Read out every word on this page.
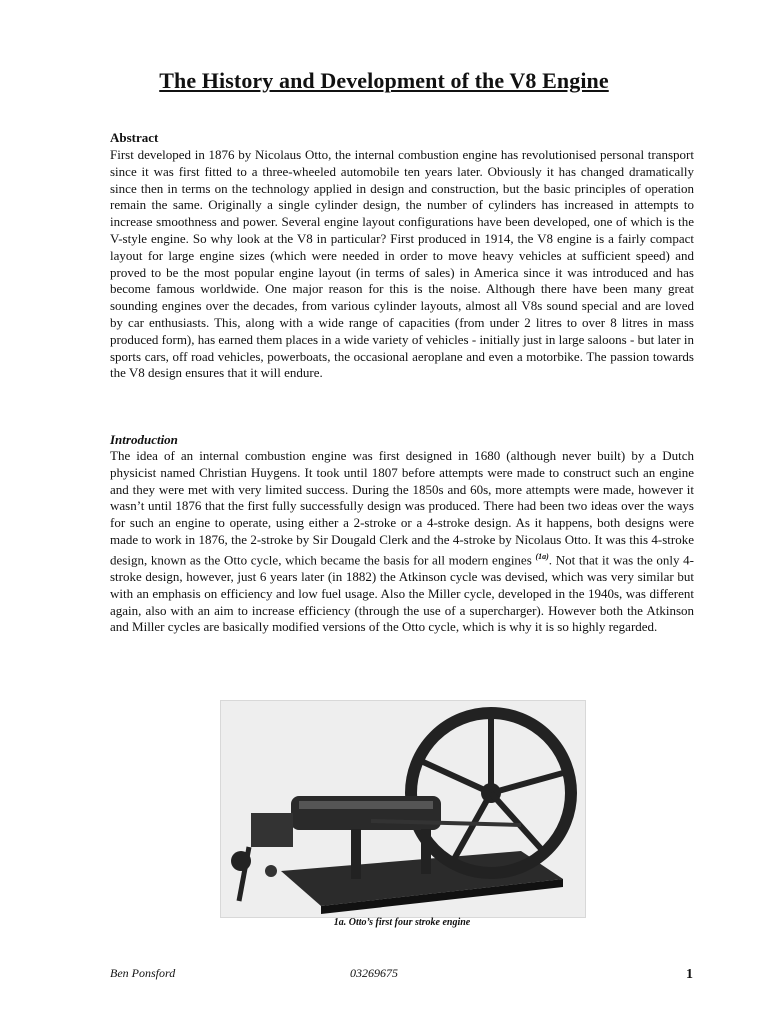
The History and Development of the V8 Engine
Abstract
First developed in 1876 by Nicolaus Otto, the internal combustion engine has revolutionised personal transport since it was first fitted to a three-wheeled automobile ten years later. Obviously it has changed dramatically since then in terms on the technology applied in design and construction, but the basic principles of operation remain the same. Originally a single cylinder design, the number of cylinders has increased in attempts to increase smoothness and power. Several engine layout configurations have been developed, one of which is the V-style engine. So why look at the V8 in particular? First produced in 1914, the V8 engine is a fairly compact layout for large engine sizes (which were needed in order to move heavy vehicles at sufficient speed) and proved to be the most popular engine layout (in terms of sales) in America since it was introduced and has become famous worldwide. One major reason for this is the noise. Although there have been many great sounding engines over the decades, from various cylinder layouts, almost all V8s sound special and are loved by car enthusiasts. This, along with a wide range of capacities (from under 2 litres to over 8 litres in mass produced form), has earned them places in a wide variety of vehicles - initially just in large saloons - but later in sports cars, off road vehicles, powerboats, the occasional aeroplane and even a motorbike. The passion towards the V8 design ensures that it will endure.
Introduction
The idea of an internal combustion engine was first designed in 1680 (although never built) by a Dutch physicist named Christian Huygens. It took until 1807 before attempts were made to construct such an engine and they were met with very limited success. During the 1850s and 60s, more attempts were made, however it wasn’t until 1876 that the first fully successfully design was produced. There had been two ideas over the ways for such an engine to operate, using either a 2-stroke or a 4-stroke design. As it happens, both designs were made to work in 1876, the 2-stroke by Sir Dougald Clerk and the 4-stroke by Nicolaus Otto. It was this 4-stroke design, known as the Otto cycle, which became the basis for all modern engines $^{(1a)}$. Not that it was the only 4-stroke design, however, just 6 years later (in 1882) the Atkinson cycle was devised, which was very similar but with an emphasis on efficiency and low fuel usage. Also the Miller cycle, developed in the 1940s, was different again, also with an aim to increase efficiency (through the use of a supercharger). However both the Atkinson and Miller cycles are basically modified versions of the Otto cycle, which is why it is so highly regarded.
1a. Otto’s first four stroke engine
Ben Ponsford	03269675	1
